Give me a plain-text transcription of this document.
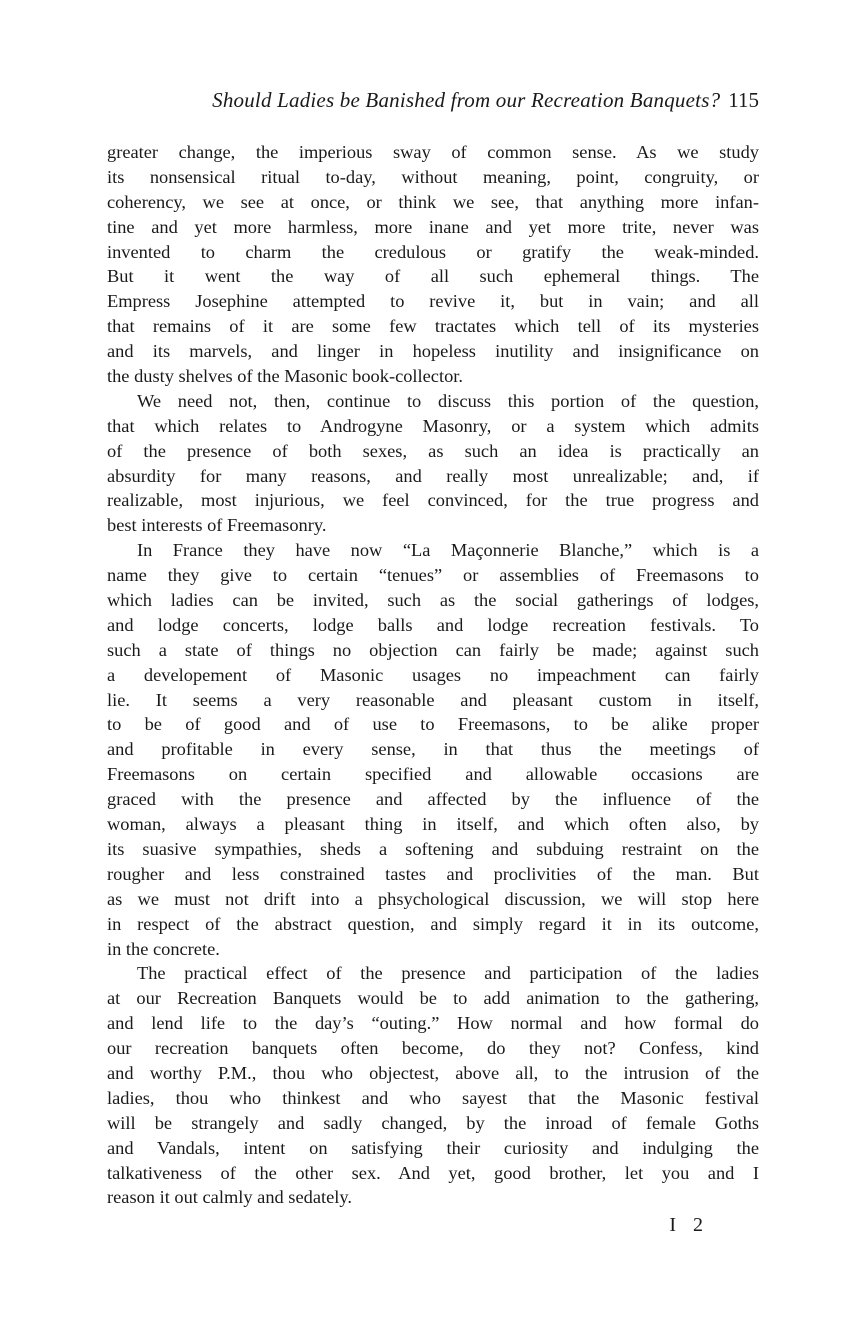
Should Ladies be Banished from our Recreation Banquets? 115
greater change, the imperious sway of common sense. As we study
its nonsensical ritual to-day, without meaning, point, congruity, or
coherency, we see at once, or think we see, that anything more infan-
tine and yet more harmless, more inane and yet more trite, never was
invented to charm the credulous or gratify the weak-minded.
But it went the way of all such ephemeral things. The
Empress Josephine attempted to revive it, but in vain; and all
that remains of it are some few tractates which tell of its mysteries
and its marvels, and linger in hopeless inutility and insignificance on
the dusty shelves of the Masonic book-collector.
We need not, then, continue to discuss this portion of the question,
that which relates to Androgyne Masonry, or a system which admits
of the presence of both sexes, as such an idea is practically an
absurdity for many reasons, and really most unrealizable; and, if
realizable, most injurious, we feel convinced, for the true progress and
best interests of Freemasonry.
In France they have now “La Maçonnerie Blanche,” which is a
name they give to certain “tenues” or assemblies of Freemasons to
which ladies can be invited, such as the social gatherings of lodges,
and lodge concerts, lodge balls and lodge recreation festivals. To
such a state of things no objection can fairly be made; against such
a developement of Masonic usages no impeachment can fairly
lie. It seems a very reasonable and pleasant custom in itself,
to be of good and of use to Freemasons, to be alike proper
and profitable in every sense, in that thus the meetings of
Freemasons on certain specified and allowable occasions are
graced with the presence and affected by the influence of the
woman, always a pleasant thing in itself, and which often also, by
its suasive sympathies, sheds a softening and subduing restraint on the
rougher and less constrained tastes and proclivities of the man. But
as we must not drift into a phsychological discussion, we will stop here
in respect of the abstract question, and simply regard it in its outcome,
in the concrete.
The practical effect of the presence and participation of the ladies
at our Recreation Banquets would be to add animation to the gathering,
and lend life to the day’s “outing.” How normal and how formal do
our recreation banquets often become, do they not? Confess, kind
and worthy P.M., thou who objectest, above all, to the intrusion of the
ladies, thou who thinkest and who sayest that the Masonic festival
will be strangely and sadly changed, by the inroad of female Goths
and Vandals, intent on satisfying their curiosity and indulging the
talkativeness of the other sex. And yet, good brother, let you and I
reason it out calmly and sedately.
I 2
